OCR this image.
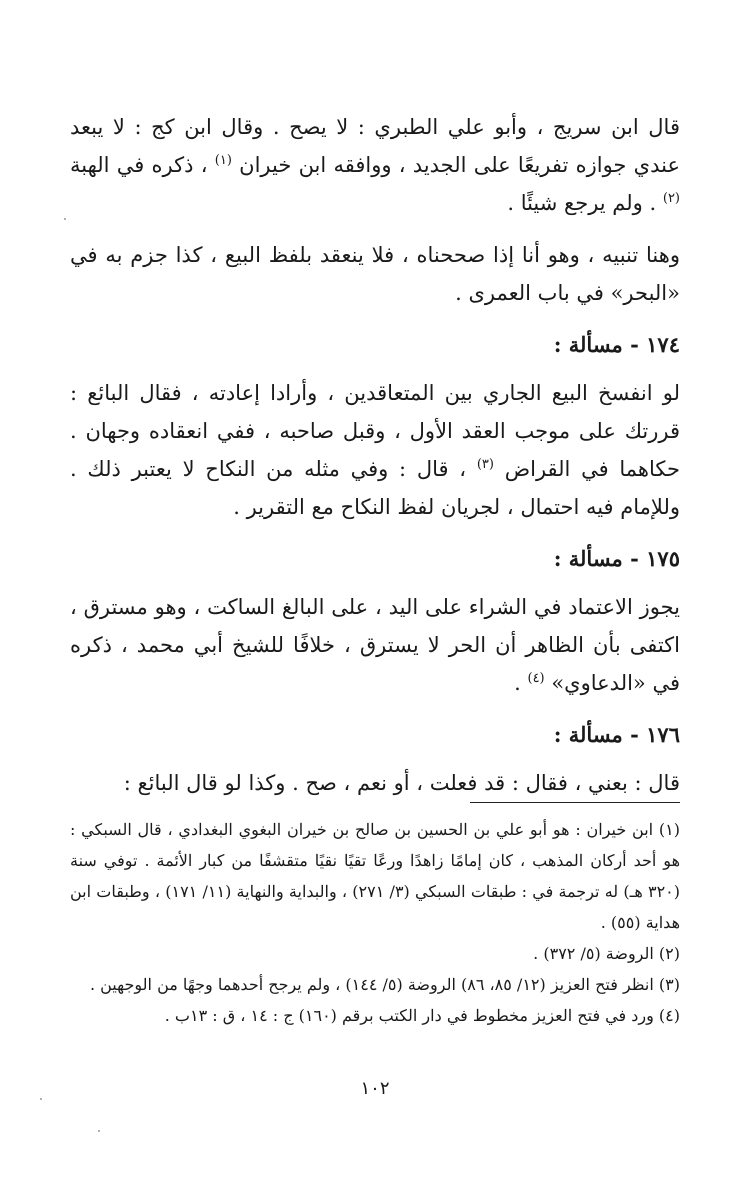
قال ابن سريج ، وأبو علي الطبري : لا يصح . وقال ابن كج : لا يبعد عندي جوازه تفريعًا على الجديد ، ووافقه ابن خيران $^{(١)}$ ، ذكره في الهبة $^{(٢)}$ . ولم يرجع شيئًا .

وهنا تنبيه ، وهو أنا إذا صححناه ، فلا ينعقد بلفظ البيع ، كذا جزم به في «البحر» في باب العمرى .

١٧٤ - مسألة :

لو انفسخ البيع الجاري بين المتعاقدين ، وأرادا إعادته ، فقال البائع : قررتك على موجب العقد الأول ، وقبل صاحبه ، ففي انعقاده وجهان . حكاهما في القراض $^{(٣)}$ ، قال : وفي مثله من النكاح لا يعتبر ذلك . وللإمام فيه احتمال ، لجريان لفظ النكاح مع التقرير .

١٧٥ - مسألة :

يجوز الاعتماد في الشراء على اليد ، على البالغ الساكت ، وهو مسترق ، اكتفى بأن الظاهر أن الحر لا يسترق ، خلافًا للشيخ أبي محمد ، ذكره في «الدعاوي» $^{(٤)}$ .

١٧٦ - مسألة :

قال : بعني ، فقال : قد فعلت ، أو نعم ، صح . وكذا لو قال البائع :

(١) ابن خيران : هو أبو علي بن الحسين بن صالح بن خيران البغوي البغدادي ، قال السبكي : هو أحد أركان المذهب ، كان إمامًا زاهدًا ورعًا تقيًا نقيًا متقشفًا من كبار الأئمة . توفي سنة (٣٢٠ هـ) له ترجمة في : طبقات السبكي (٣/ ٢٧١) ، والبداية والنهاية (١١/ ١٧١) ، وطبقات ابن هداية (٥٥) .

(٢) الروضة (٥/ ٣٧٢) .

(٣) انظر فتح العزيز (١٢/ ٨٥، ٨٦) الروضة (٥/ ١٤٤) ، ولم يرجح أحدهما وجهًا من الوجهين .

(٤) ورد في فتح العزيز مخطوط في دار الكتب برقم (١٦٠) ج : ١٤ ، ق : ١٣ب .

١٠٢
